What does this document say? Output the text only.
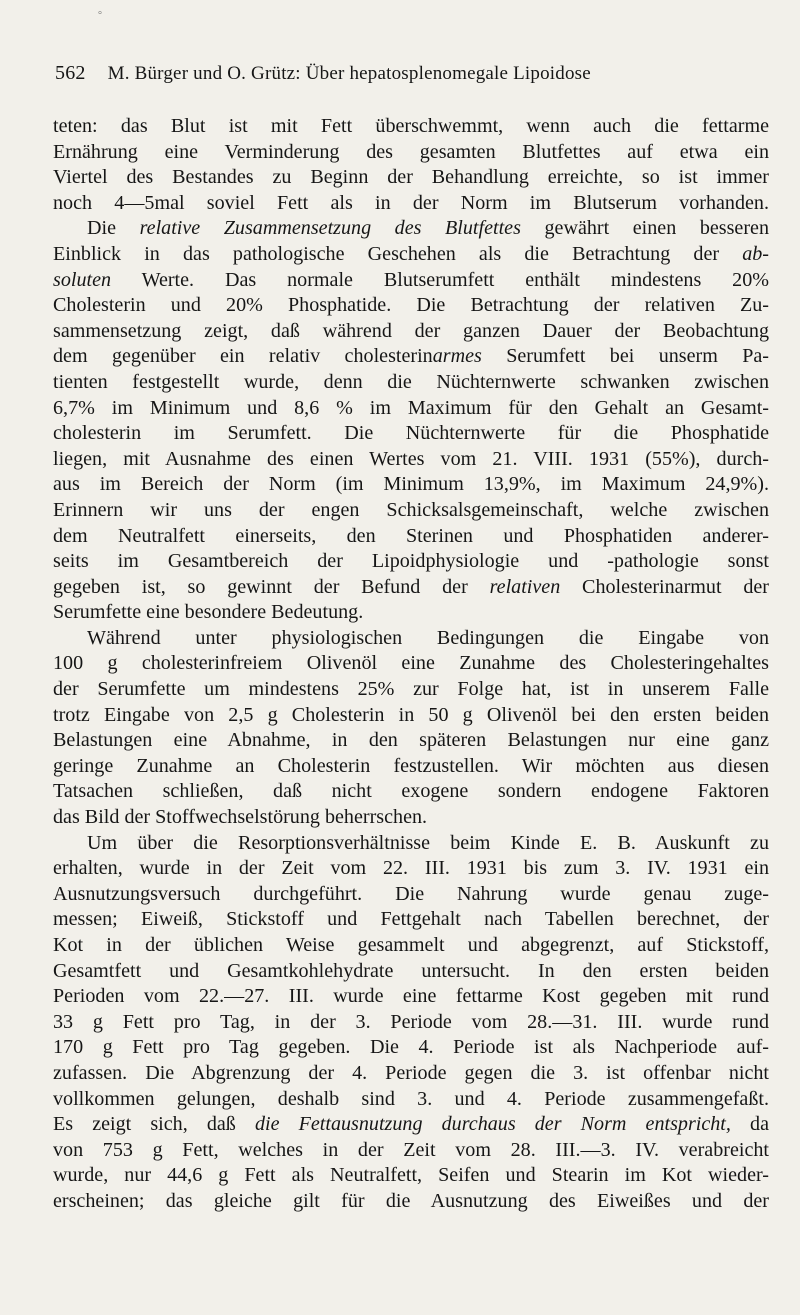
°
562 M. Bürger und O. Grütz: Über hepatosplenomegale Lipoidose
teten: das Blut ist mit Fett überschwemmt, wenn auch die fettarme
Ernährung eine Verminderung des gesamten Blutfettes auf etwa ein
Viertel des Bestandes zu Beginn der Behandlung erreichte, so ist immer
noch 4—5mal soviel Fett als in der Norm im Blutserum vorhanden.
Die relative Zusammensetzung des Blutfettes gewährt einen besseren
Einblick in das pathologische Geschehen als die Betrachtung der ab-
soluten Werte. Das normale Blutserumfett enthält mindestens 20%
Cholesterin und 20% Phosphatide. Die Betrachtung der relativen Zu-
sammensetzung zeigt, daß während der ganzen Dauer der Beobachtung
dem gegenüber ein relativ cholesterinarmes Serumfett bei unserm Pa-
tienten festgestellt wurde, denn die Nüchternwerte schwanken zwischen
6,7% im Minimum und 8,6 % im Maximum für den Gehalt an Gesamt-
cholesterin im Serumfett. Die Nüchternwerte für die Phosphatide
liegen, mit Ausnahme des einen Wertes vom 21. VIII. 1931 (55%), durch-
aus im Bereich der Norm (im Minimum 13,9%, im Maximum 24,9%).
Erinnern wir uns der engen Schicksalsgemeinschaft, welche zwischen
dem Neutralfett einerseits, den Sterinen und Phosphatiden anderer-
seits im Gesamtbereich der Lipoidphysiologie und -pathologie sonst
gegeben ist, so gewinnt der Befund der relativen Cholesterinarmut der
Serumfette eine besondere Bedeutung.
Während unter physiologischen Bedingungen die Eingabe von
100 g cholesterinfreiem Olivenöl eine Zunahme des Cholesteringehaltes
der Serumfette um mindestens 25% zur Folge hat, ist in unserem Falle
trotz Eingabe von 2,5 g Cholesterin in 50 g Olivenöl bei den ersten beiden
Belastungen eine Abnahme, in den späteren Belastungen nur eine ganz
geringe Zunahme an Cholesterin festzustellen. Wir möchten aus diesen
Tatsachen schließen, daß nicht exogene sondern endogene Faktoren
das Bild der Stoffwechselstörung beherrschen.
Um über die Resorptionsverhältnisse beim Kinde E. B. Auskunft zu
erhalten, wurde in der Zeit vom 22. III. 1931 bis zum 3. IV. 1931 ein
Ausnutzungsversuch durchgeführt. Die Nahrung wurde genau zuge-
messen; Eiweiß, Stickstoff und Fettgehalt nach Tabellen berechnet, der
Kot in der üblichen Weise gesammelt und abgegrenzt, auf Stickstoff,
Gesamtfett und Gesamtkohlehydrate untersucht. In den ersten beiden
Perioden vom 22.—27. III. wurde eine fettarme Kost gegeben mit rund
33 g Fett pro Tag, in der 3. Periode vom 28.—31. III. wurde rund
170 g Fett pro Tag gegeben. Die 4. Periode ist als Nachperiode auf-
zufassen. Die Abgrenzung der 4. Periode gegen die 3. ist offenbar nicht
vollkommen gelungen, deshalb sind 3. und 4. Periode zusammengefaßt.
Es zeigt sich, daß die Fettausnutzung durchaus der Norm entspricht, da
von 753 g Fett, welches in der Zeit vom 28. III.—3. IV. verabreicht
wurde, nur 44,6 g Fett als Neutralfett, Seifen und Stearin im Kot wieder-
erscheinen; das gleiche gilt für die Ausnutzung des Eiweißes und der
